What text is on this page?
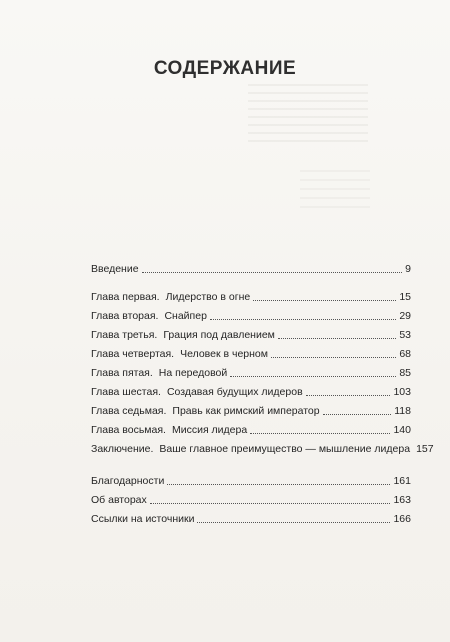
СОДЕРЖАНИЕ
Введение	9
Глава первая. Лидерство в огне	15
Глава вторая. Снайпер	29
Глава третья. Грация под давлением	53
Глава четвертая. Человек в черном	68
Глава пятая. На передовой	85
Глава шестая. Создавая будущих лидеров	103
Глава седьмая. Правь как римский император	118
Глава восьмая. Миссия лидера	140
Заключение. Ваше главное преимущество — мышление лидера 157
Благодарности	161
Об авторах	163
Ссылки на источники	166
